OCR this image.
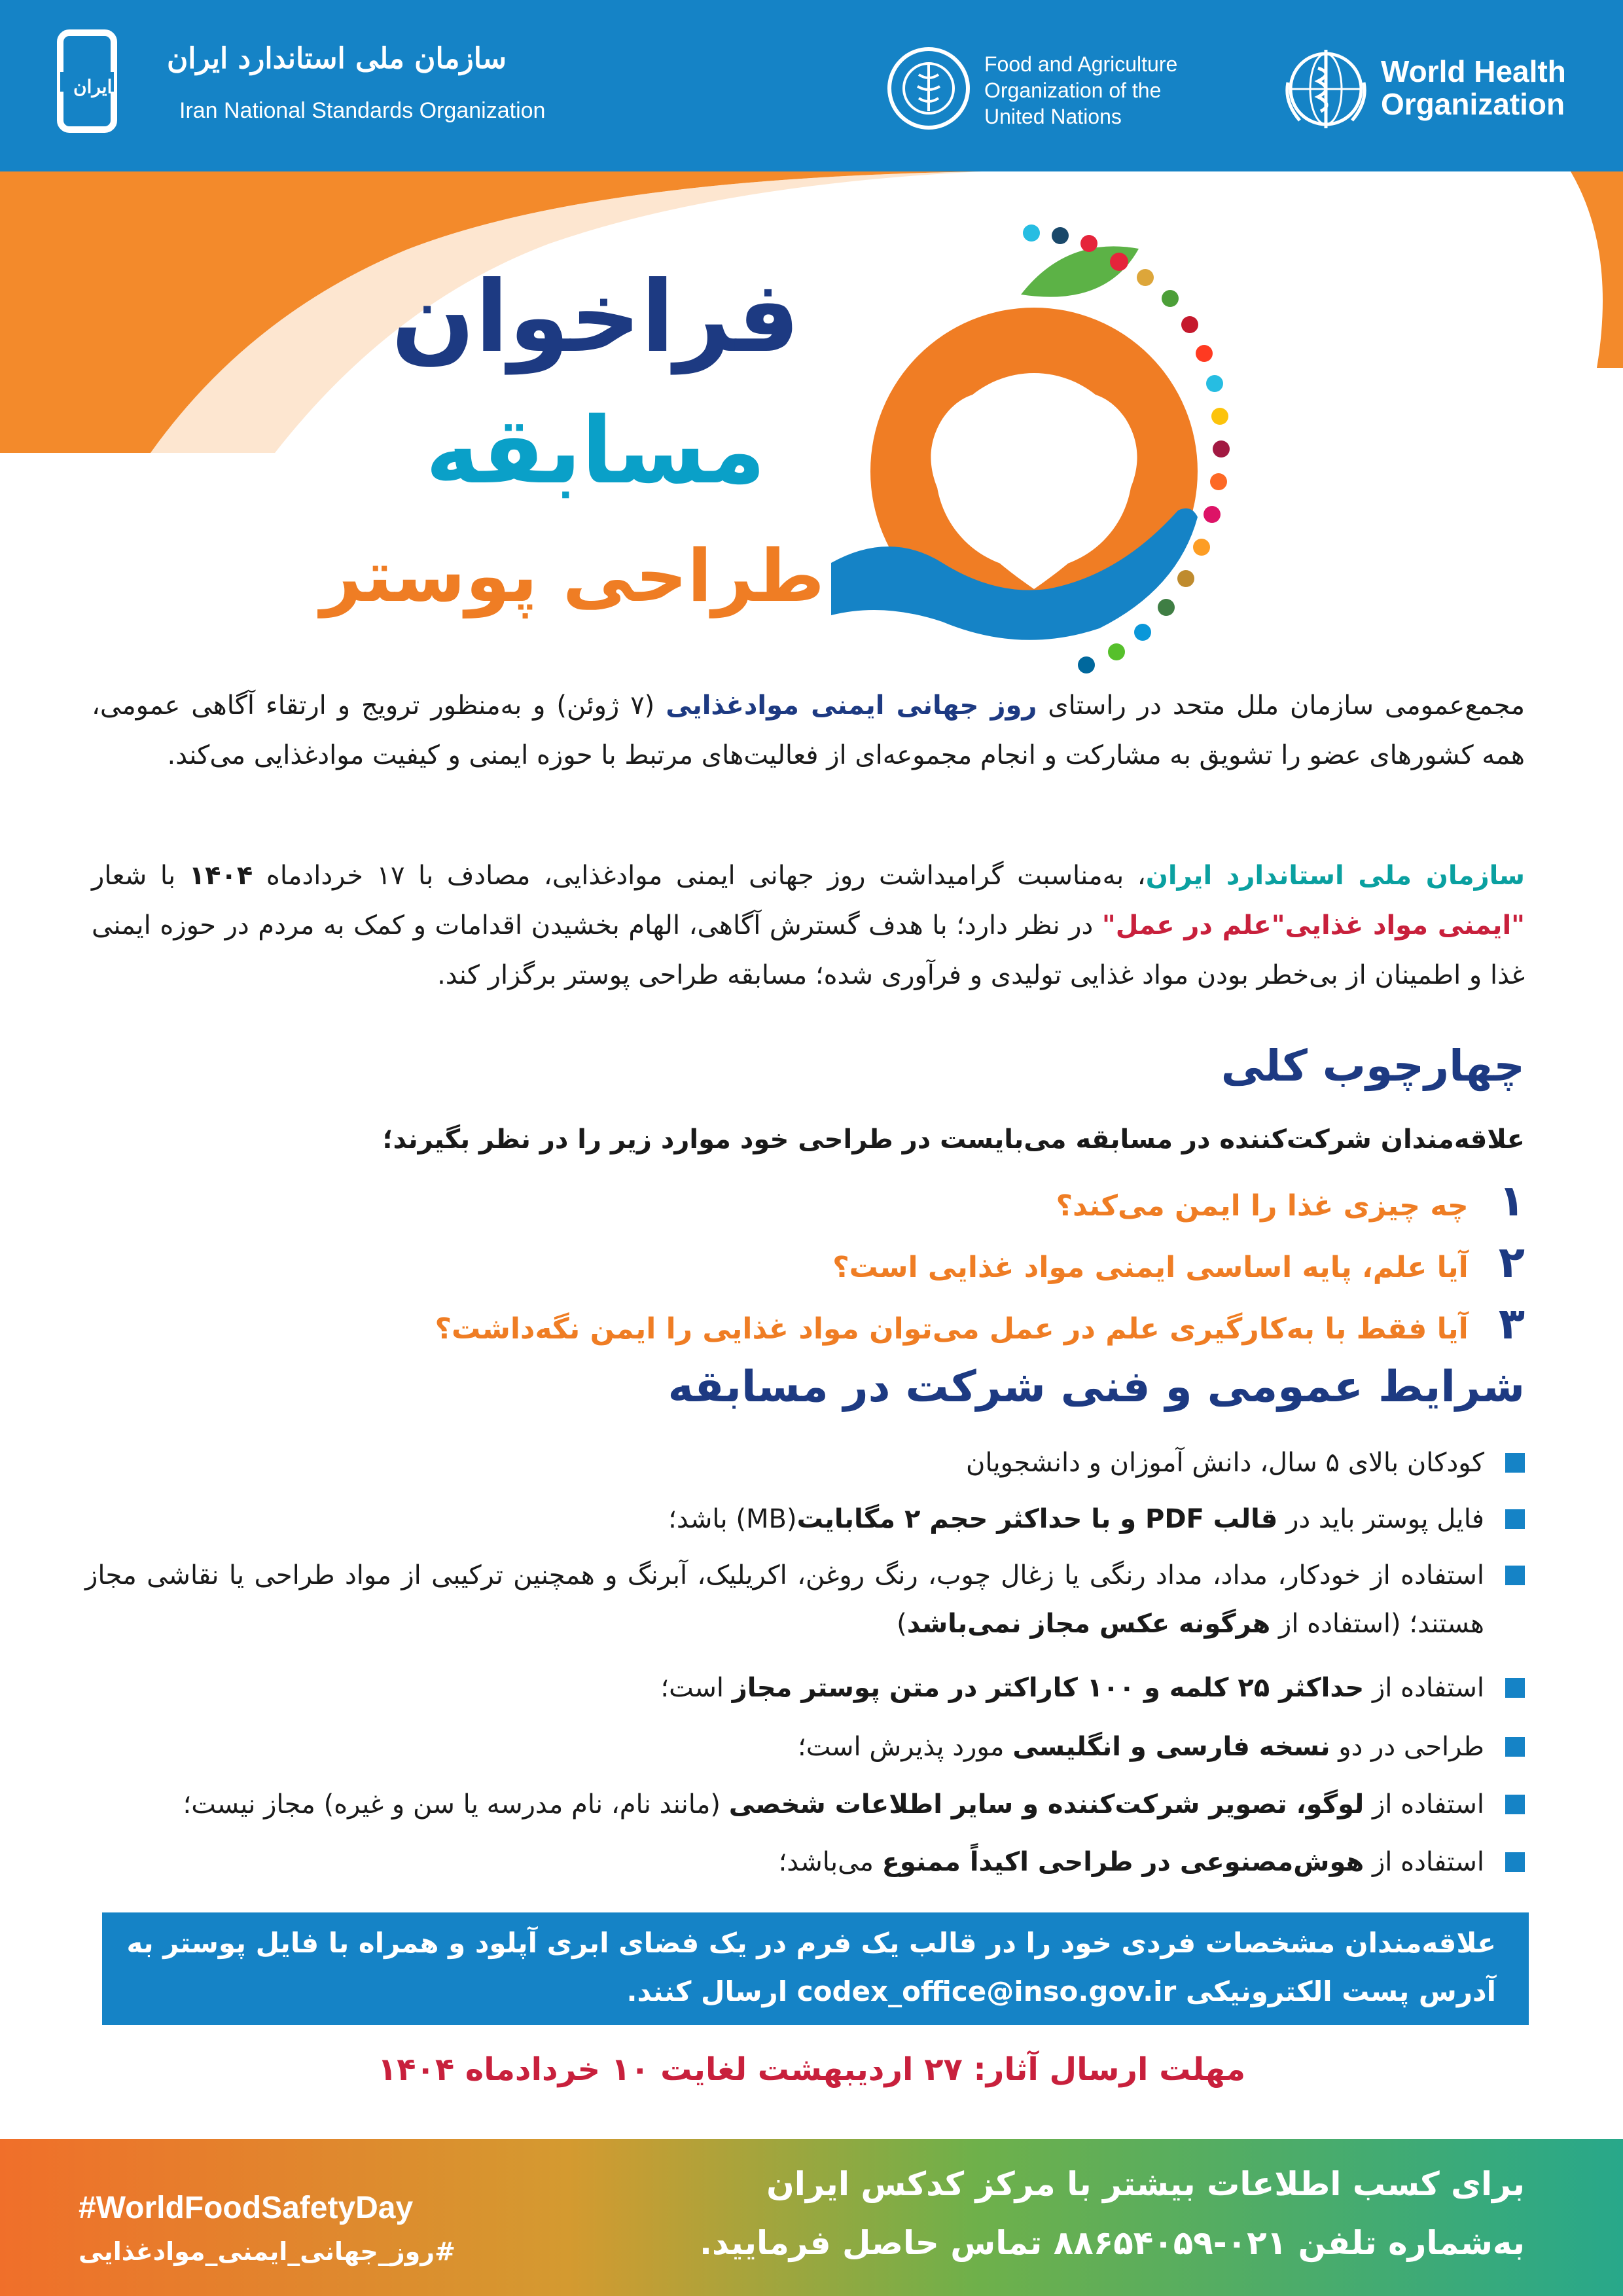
ایران
سازمان ملی استاندارد ایران
Iran National Standards Organization
Food and Agriculture
Organization of the
United Nations
World Health
Organization
فراخوان
مسابقه
طراحی پوستر
مجمع‌عمومی سازمان ملل متحد در راستای روز جهانی ایمنی موادغذایی (۷ ژوئن) و به‌منظور ترویج و ارتقاء آگاهی عمومی، همه کشورهای عضو را تشویق به مشارکت و انجام مجموعه‌ای از فعالیت‌های مرتبط با حوزه ایمنی و کیفیت موادغذایی می‌کند.
سازمان ملی استاندارد ایران، به‌مناسبت گرامیداشت روز جهانی ایمنی موادغذایی، مصادف با ۱۷ خردادماه ۱۴۰۴ با شعار "ایمنی مواد غذایی"علم در عمل" در نظر دارد؛ با هدف گسترش آگاهی، الهام بخشیدن اقدامات و کمک به مردم در حوزه ایمنی غذا و اطمینان از بی‌خطر بودن مواد غذایی تولیدی و فرآوری شده؛ مسابقه طراحی پوستر برگزار کند.
چهارچوب کلی
علاقه‌مندان شرکت‌کننده در مسابقه می‌بایست در طراحی خود موارد زیر را در نظر بگیرند؛
۱   چه چیزی غذا را ایمن می‌کند؟
۲   آیا علم، پایه اساسی ایمنی مواد غذایی است؟
۳   آیا فقط با به‌کارگیری علم در عمل می‌توان مواد غذایی را ایمن نگه‌داشت؟
شرایط عمومی و فنی شرکت در مسابقه
کودکان بالای ۵ سال، دانش آموزان و دانشجویان
فایل پوستر باید در قالب PDF و با حداکثر حجم ۲ مگابایت(MB) باشد؛
استفاده از خودکار، مداد، مداد رنگی یا زغال چوب، رنگ روغن، اکریلیک، آبرنگ و همچنین ترکیبی از مواد طراحی یا نقاشی مجاز هستند؛ (استفاده از هرگونه عکس مجاز نمی‌باشد)
استفاده از حداکثر ۲۵ کلمه و ۱۰۰ کاراکتر در متن پوستر مجاز است؛
طراحی در دو نسخه فارسی و انگلیسی مورد پذیرش است؛
استفاده از لوگو، تصویر شرکت‌کننده و سایر اطلاعات شخصی (مانند نام، نام مدرسه یا سن و غیره) مجاز نیست؛
استفاده از هوش‌مصنوعی در طراحی اکیداً ممنوع می‌باشد؛
علاقه‌مندان مشخصات فردی خود را در قالب یک فرم در یک فضای ابری آپلود و همراه با فایل پوستر به
آدرس پست الکترونیکی codex_office@inso.gov.ir ارسال کنند.
مهلت ارسال آثار: ۲۷ اردیبهشت لغایت ۱۰ خردادماه ۱۴۰۴
#WorldFoodSafetyDay
#روز_جهانی_ایمنی_موادغذایی
برای کسب اطلاعات بیشتر با مرکز کدکس ایران
به‌شماره تلفن ۰۲۱-۸۸۶۵۴۰۵۹ تماس حاصل فرمایید.
